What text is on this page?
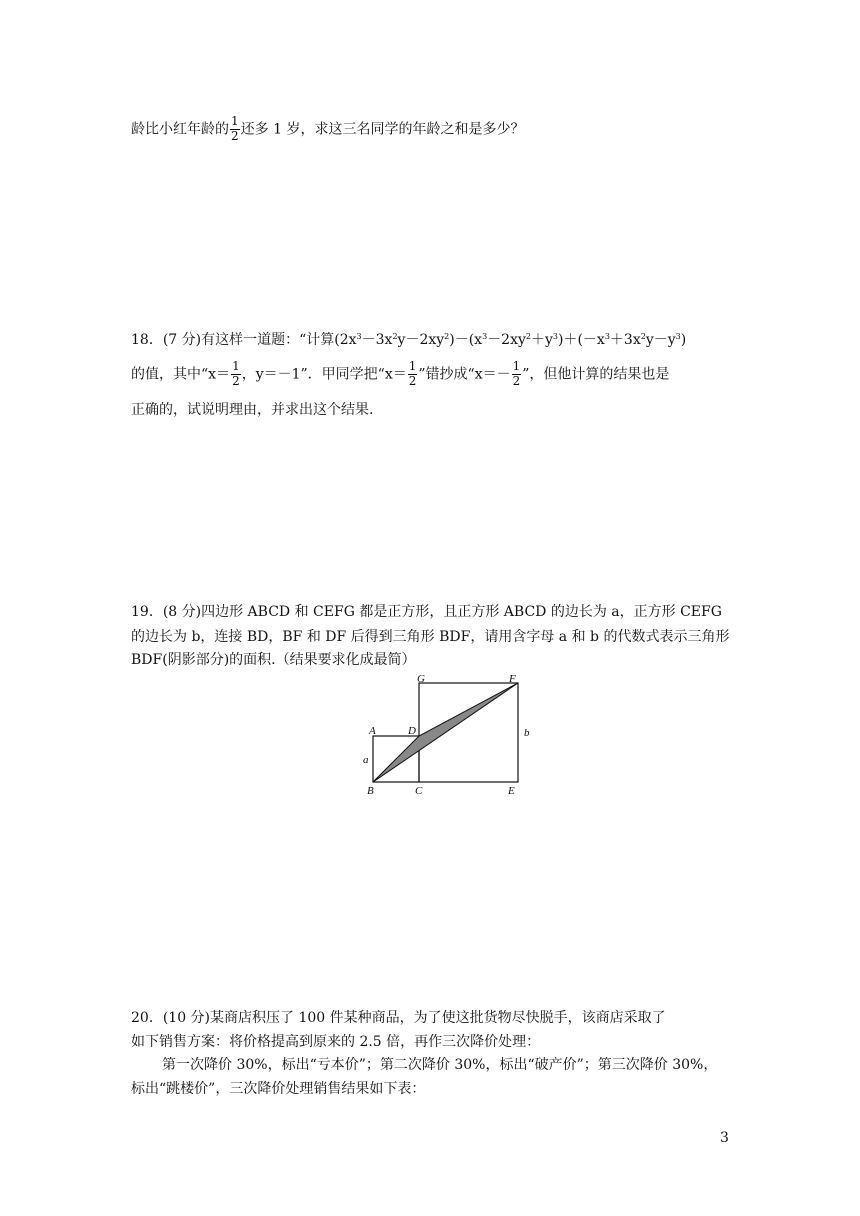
龄比小红年龄的 $\frac{1}{2}$ 还多 1 岁，求这三名同学的年龄之和是多少？
18．(7 分)有这样一道题：“计算$(2x^3-3x^2y-2xy^2)-(x^3-2xy^2+y^3)+(-x^3+3x^2y-y^3)$
的值，其中“$x= \frac{1}{2}$ ，y＝－1”．甲同学把“$x= \frac{1}{2}$ ”错抄成“$x=- \frac{1}{2}$ ”，但他计算的结果也是
正确的，试说明理由，并求出这个结果.
19．(8 分)四边形 ABCD 和 CEFG 都是正方形，且正方形 ABCD 的边长为 a，正方形 CEFG
的边长为 b，连接 BD，BF 和 DF 后得到三角形 BDF，请用含字母 a 和 b 的代数式表示三角形
BDF(阴影部分)的面积.（结果要求化成最简）
A
B	C
D
E
F
G
a
b
20．(10 分)某商店积压了 100 件某种商品，为了使这批货物尽快脱手，该商店采取了
如下销售方案：将价格提高到原来的 2.5 倍，再作三次降价处理：
第一次降价 30%，标出“亏本价”；第二次降价 30%，标出“破产价”；第三次降价 30%，
标出“跳楼价”，三次降价处理销售结果如下表：
3
